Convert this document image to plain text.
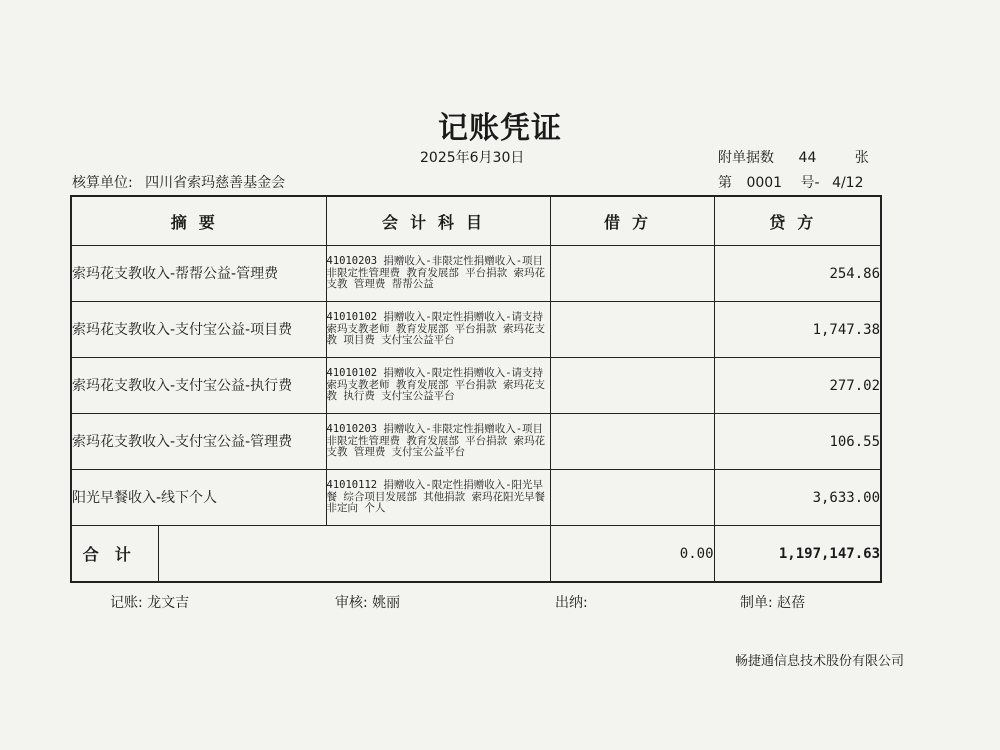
记账凭证
2025年6月30日
核算单位: 四川省索玛慈善基金会
附单据数 44	张
第 0001 号- 4/12
摘要		会计科目	借方	贷方
索玛花支教收入-帮帮公益-管理费		41010203 捐赠收入-非限定性捐赠收入-项目非限定性管理费 教育发展部 平台捐款 索玛花支教 管理费 帮帮公益		254.86
索玛花支教收入-支付宝公益-项目费		41010102 捐赠收入-限定性捐赠收入-请支持索玛支教老师 教育发展部 平台捐款 索玛花支教 项目费 支付宝公益平台		1,747.38
索玛花支教收入-支付宝公益-执行费		41010102 捐赠收入-限定性捐赠收入-请支持索玛支教老师 教育发展部 平台捐款 索玛花支教 执行费 支付宝公益平台		277.02
索玛花支教收入-支付宝公益-管理费		41010203 捐赠收入-非限定性捐赠收入-项目非限定性管理费 教育发展部 平台捐款 索玛花支教 管理费 支付宝公益平台		106.55
阳光早餐收入-线下个人		41010112 捐赠收入-限定性捐赠收入-阳光早餐 综合项目发展部 其他捐款 索玛花阳光早餐 非定向 个人		3,633.00
合计			0.00	1,197,147.63
记账: 龙文吉	审核: 姚丽	出纳:	制单: 赵蓓
畅捷通信息技术股份有限公司
